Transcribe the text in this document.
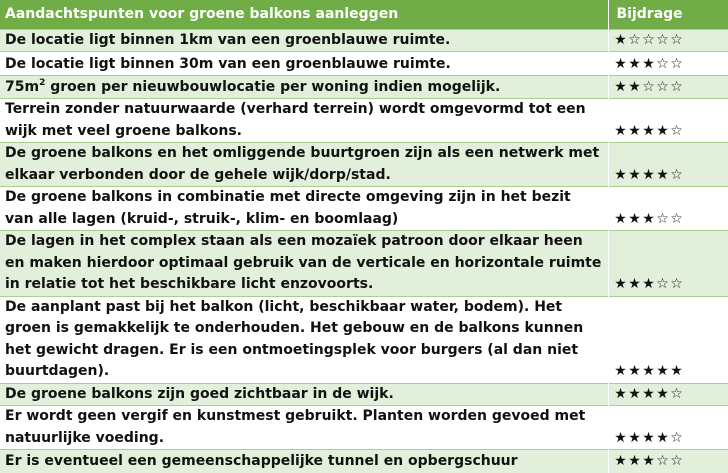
Aandachtspunten voor groene balkons aanleggen	Bijdrage
De locatie ligt binnen 1km van een groenblauwe ruimte.	★☆☆☆☆
De locatie ligt binnen 30m van een groenblauwe ruimte.	★★★☆☆
$75m^2$ groen per nieuwbouwlocatie per woning indien mogelijk.	★★☆☆☆
Terrein zonder natuurwaarde (verhard terrein) wordt omgevormd tot een wijk met veel groene balkons.	★★★★☆
De groene balkons en het omliggende buurtgroen zijn als een netwerk met elkaar verbonden door de gehele wijk/dorp/stad.	★★★★☆
De groene balkons in combinatie met directe omgeving zijn in het bezit van alle lagen (kruid-, struik-, klim- en boomlaag)	★★★☆☆
De lagen in het complex staan als een mozaïek patroon door elkaar heen en maken hierdoor optimaal gebruik van de verticale en horizontale ruimte in relatie tot het beschikbare licht enzovoorts.	★★★☆☆
De aanplant past bij het balkon (licht, beschikbaar water, bodem). Het groen is gemakkelijk te onderhouden. Het gebouw en de balkons kunnen het gewicht dragen. Er is een ontmoetingsplek voor burgers (al dan niet buurtdagen).	★★★★★
De groene balkons zijn goed zichtbaar in de wijk.	★★★★☆
Er wordt geen vergif en kunstmest gebruikt. Planten worden gevoed met natuurlijke voeding.	★★★★☆
Er is eventueel een gemeenschappelijke tunnel en opbergschuur	★★★☆☆
